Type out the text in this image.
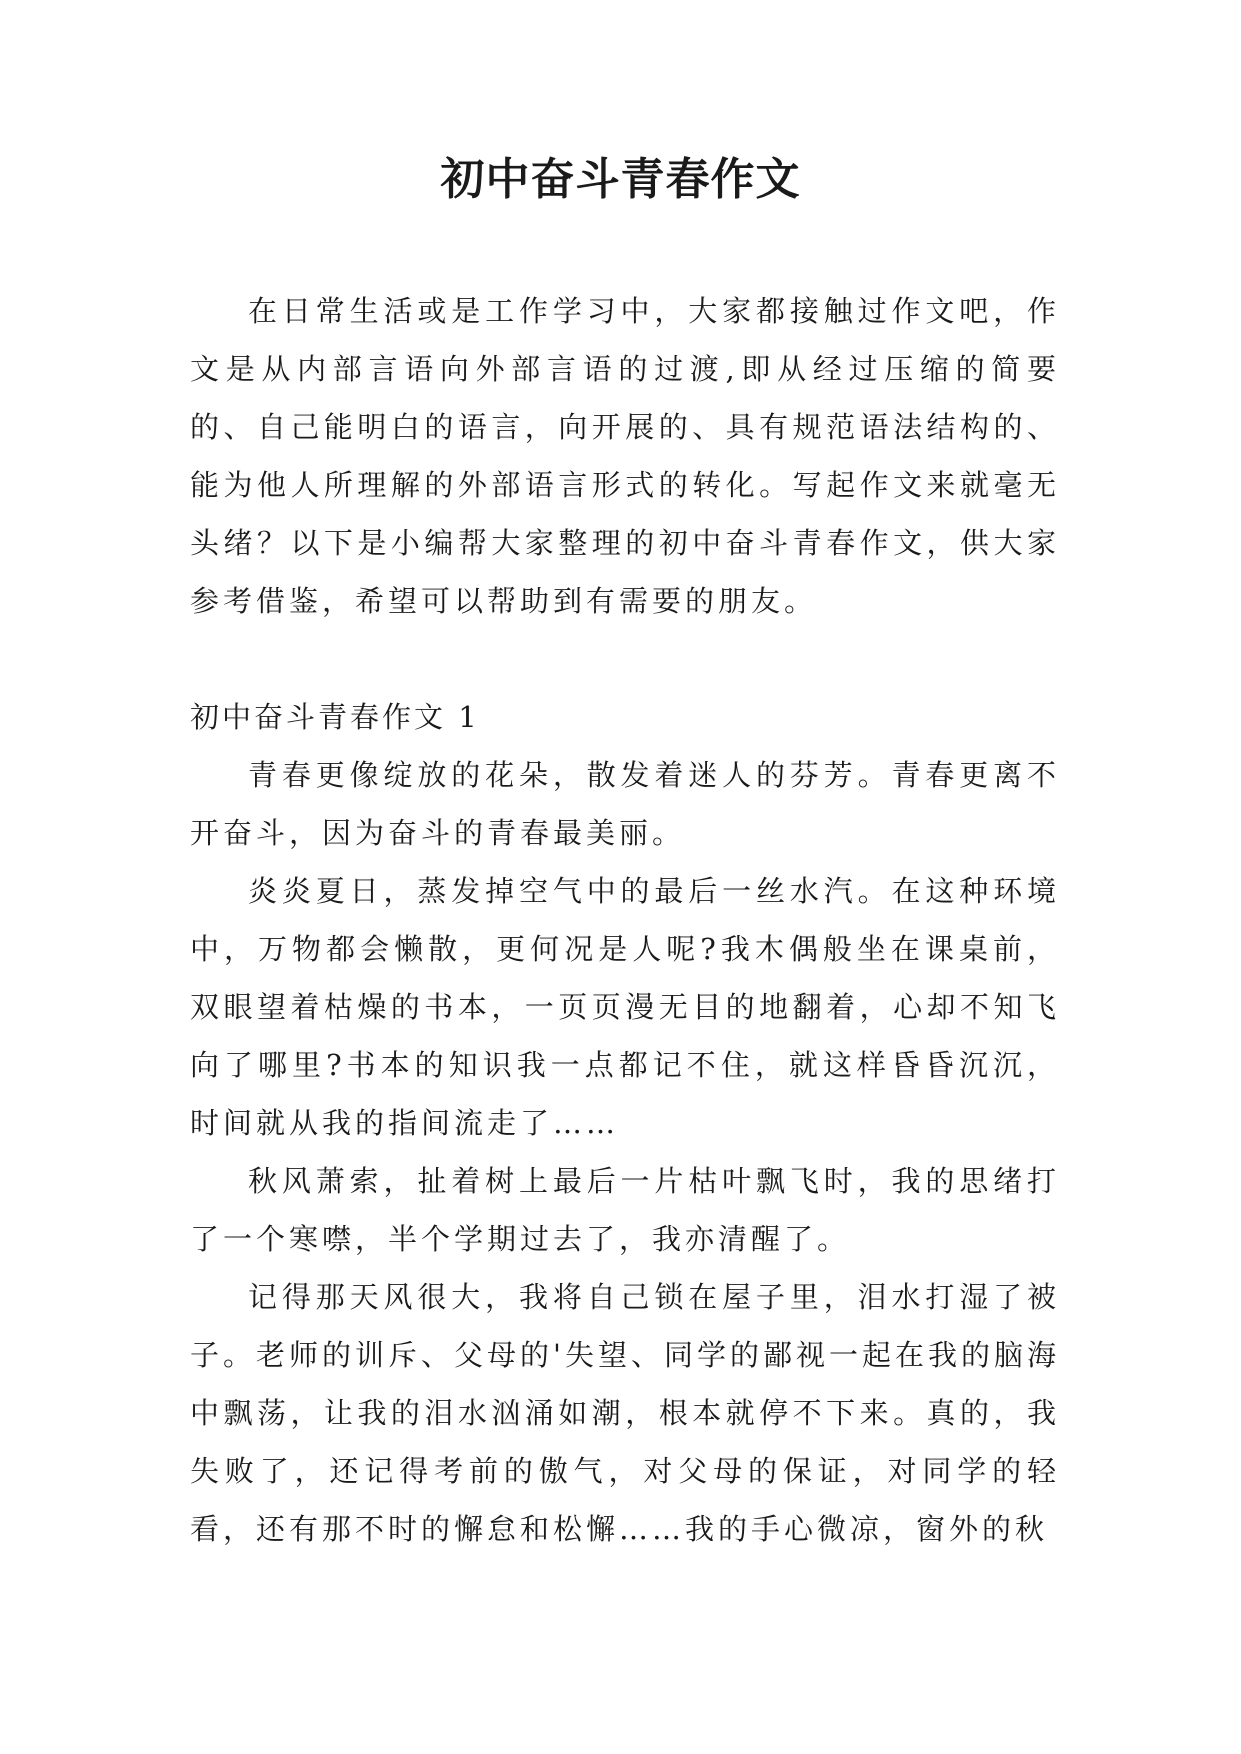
初中奋斗青春作文

在日常生活或是工作学习中，大家都接触过作文吧，作文是从内部言语向外部言语的过渡,即从经过压缩的简要的、自己能明白的语言，向开展的、具有规范语法结构的、能为他人所理解的外部语言形式的转化。写起作文来就毫无头绪？以下是小编帮大家整理的初中奋斗青春作文，供大家参考借鉴，希望可以帮助到有需要的朋友。

初中奋斗青春作文 1

青春更像绽放的花朵，散发着迷人的芬芳。青春更离不开奋斗，因为奋斗的青春最美丽。

炎炎夏日，蒸发掉空气中的最后一丝水汽。在这种环境中，万物都会懒散，更何况是人呢?我木偶般坐在课桌前，双眼望着枯燥的书本，一页页漫无目的地翻着，心却不知飞向了哪里?书本的知识我一点都记不住，就这样昏昏沉沉，时间就从我的指间流走了……

秋风萧索，扯着树上最后一片枯叶飘飞时，我的思绪打了一个寒噤，半个学期过去了，我亦清醒了。

记得那天风很大，我将自己锁在屋子里，泪水打湿了被子。老师的训斥、父母的'失望、同学的鄙视一起在我的脑海中飘荡，让我的泪水汹涌如潮，根本就停不下来。真的，我失败了，还记得考前的傲气，对父母的保证，对同学的轻看，还有那不时的懈怠和松懈……我的手心微凉，窗外的秋
